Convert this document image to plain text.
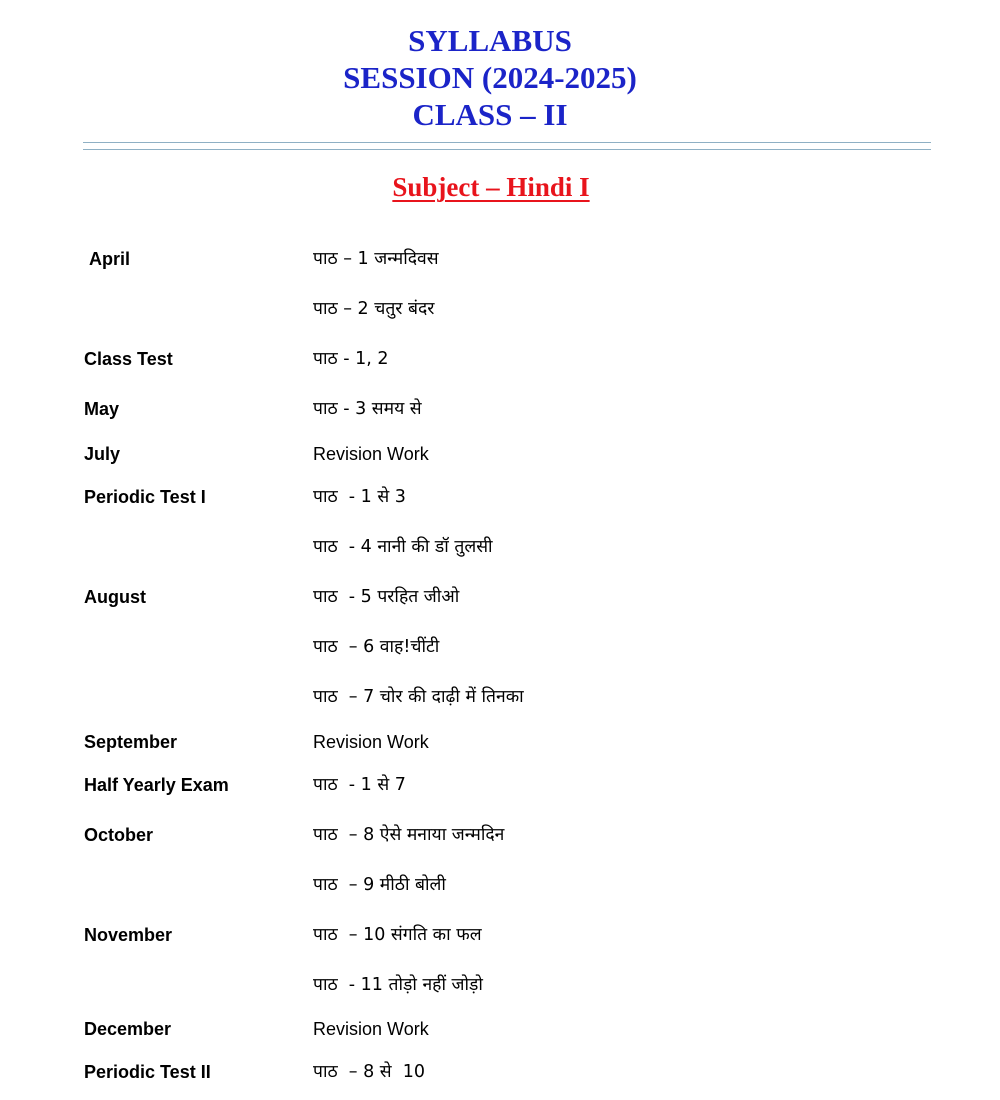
SYLLABUS
SESSION (2024-2025)
CLASS – II
Subject – Hindi I
April	पाठ – 1 जन्मदिवस
पाठ – 2 चतुर बंदर
Class Test	पाठ - 1, 2
May	पाठ - 3 समय से
July	Revision Work
Periodic Test I	पाठ  - 1 से 3
पाठ  - 4 नानी की डॉ तुलसी
August	पाठ  - 5 परहित जीओ
पाठ  – 6 वाह!चींटी
पाठ  – 7 चोर की दाढ़ी में तिनका
September	Revision Work
Half Yearly Exam	पाठ  - 1 से 7
October	पाठ  – 8 ऐसे मनाया जन्मदिन
पाठ  – 9 मीठी बोली
November	पाठ  – 10 संगति का फल
पाठ  - 11 तोड़ो नहीं जोड़ो
December	Revision Work
Periodic Test II	पाठ  – 8 से  10
